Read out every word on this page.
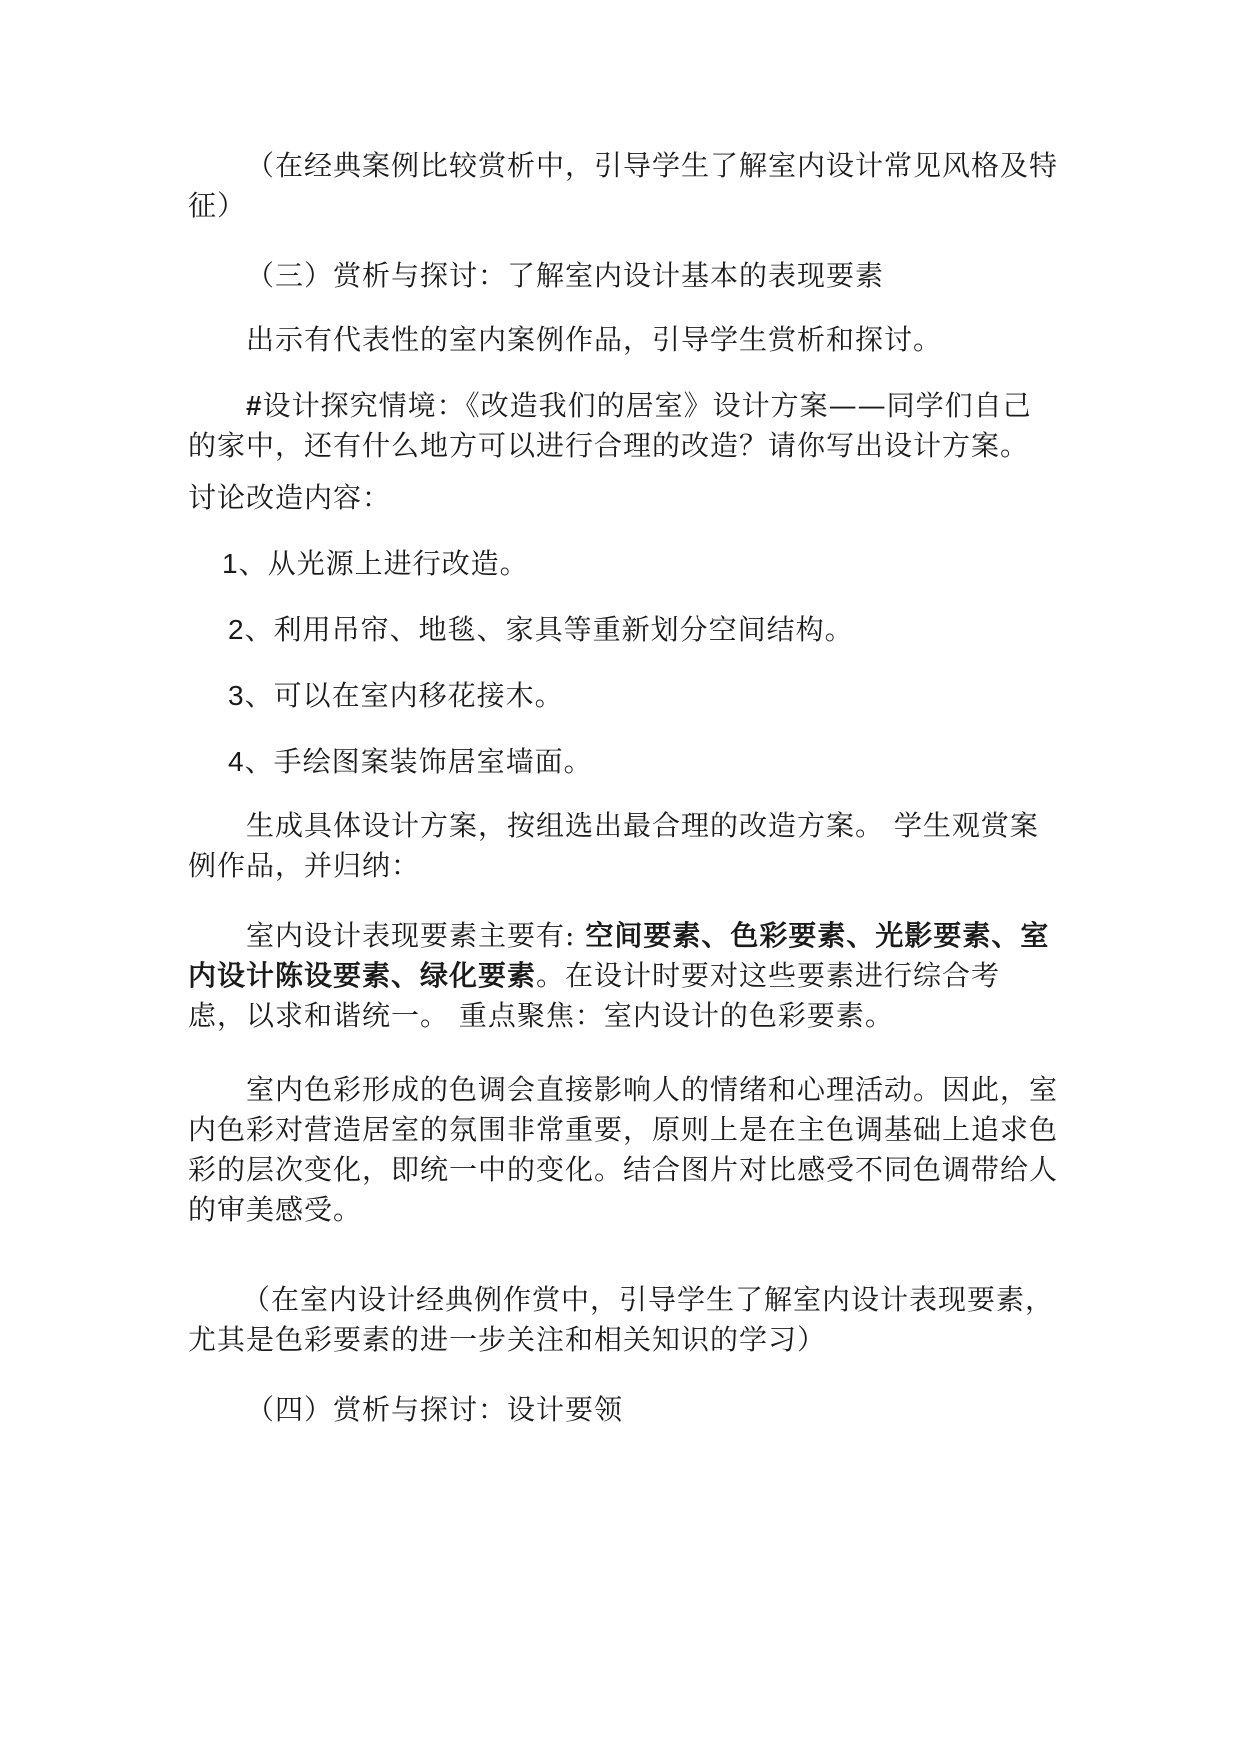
（在经典案例比较赏析中，引导学生了解室内设计常见风格及特征）

（三）赏析与探讨：了解室内设计基本的表现要素

出示有代表性的室内案例作品，引导学生赏析和探讨。

#设计探究情境：《改造我们的居室》设计方案——同学们自己的家中，还有什么地方可以进行合理的改造？请你写出设计方案。

讨论改造内容：

1、从光源上进行改造。

2、利用吊帘、地毯、家具等重新划分空间结构。

3、可以在室内移花接木。

4、手绘图案装饰居室墙面。

生成具体设计方案，按组选出最合理的改造方案。 学生观赏案例作品，并归纳：

室内设计表现要素主要有: 空间要素、色彩要素、光影要素、室内设计陈设要素、绿化要素。在设计时要对这些要素进行综合考虑，以求和谐统一。 重点聚焦：室内设计的色彩要素。

室内色彩形成的色调会直接影响人的情绪和心理活动。因此，室内色彩对营造居室的氛围非常重要，原则上是在主色调基础上追求色彩的层次变化，即统一中的变化。结合图片对比感受不同色调带给人的审美感受。

（在室内设计经典例作赏中，引导学生了解室内设计表现要素，尤其是色彩要素的进一步关注和相关知识的学习）

（四）赏析与探讨：设计要领
